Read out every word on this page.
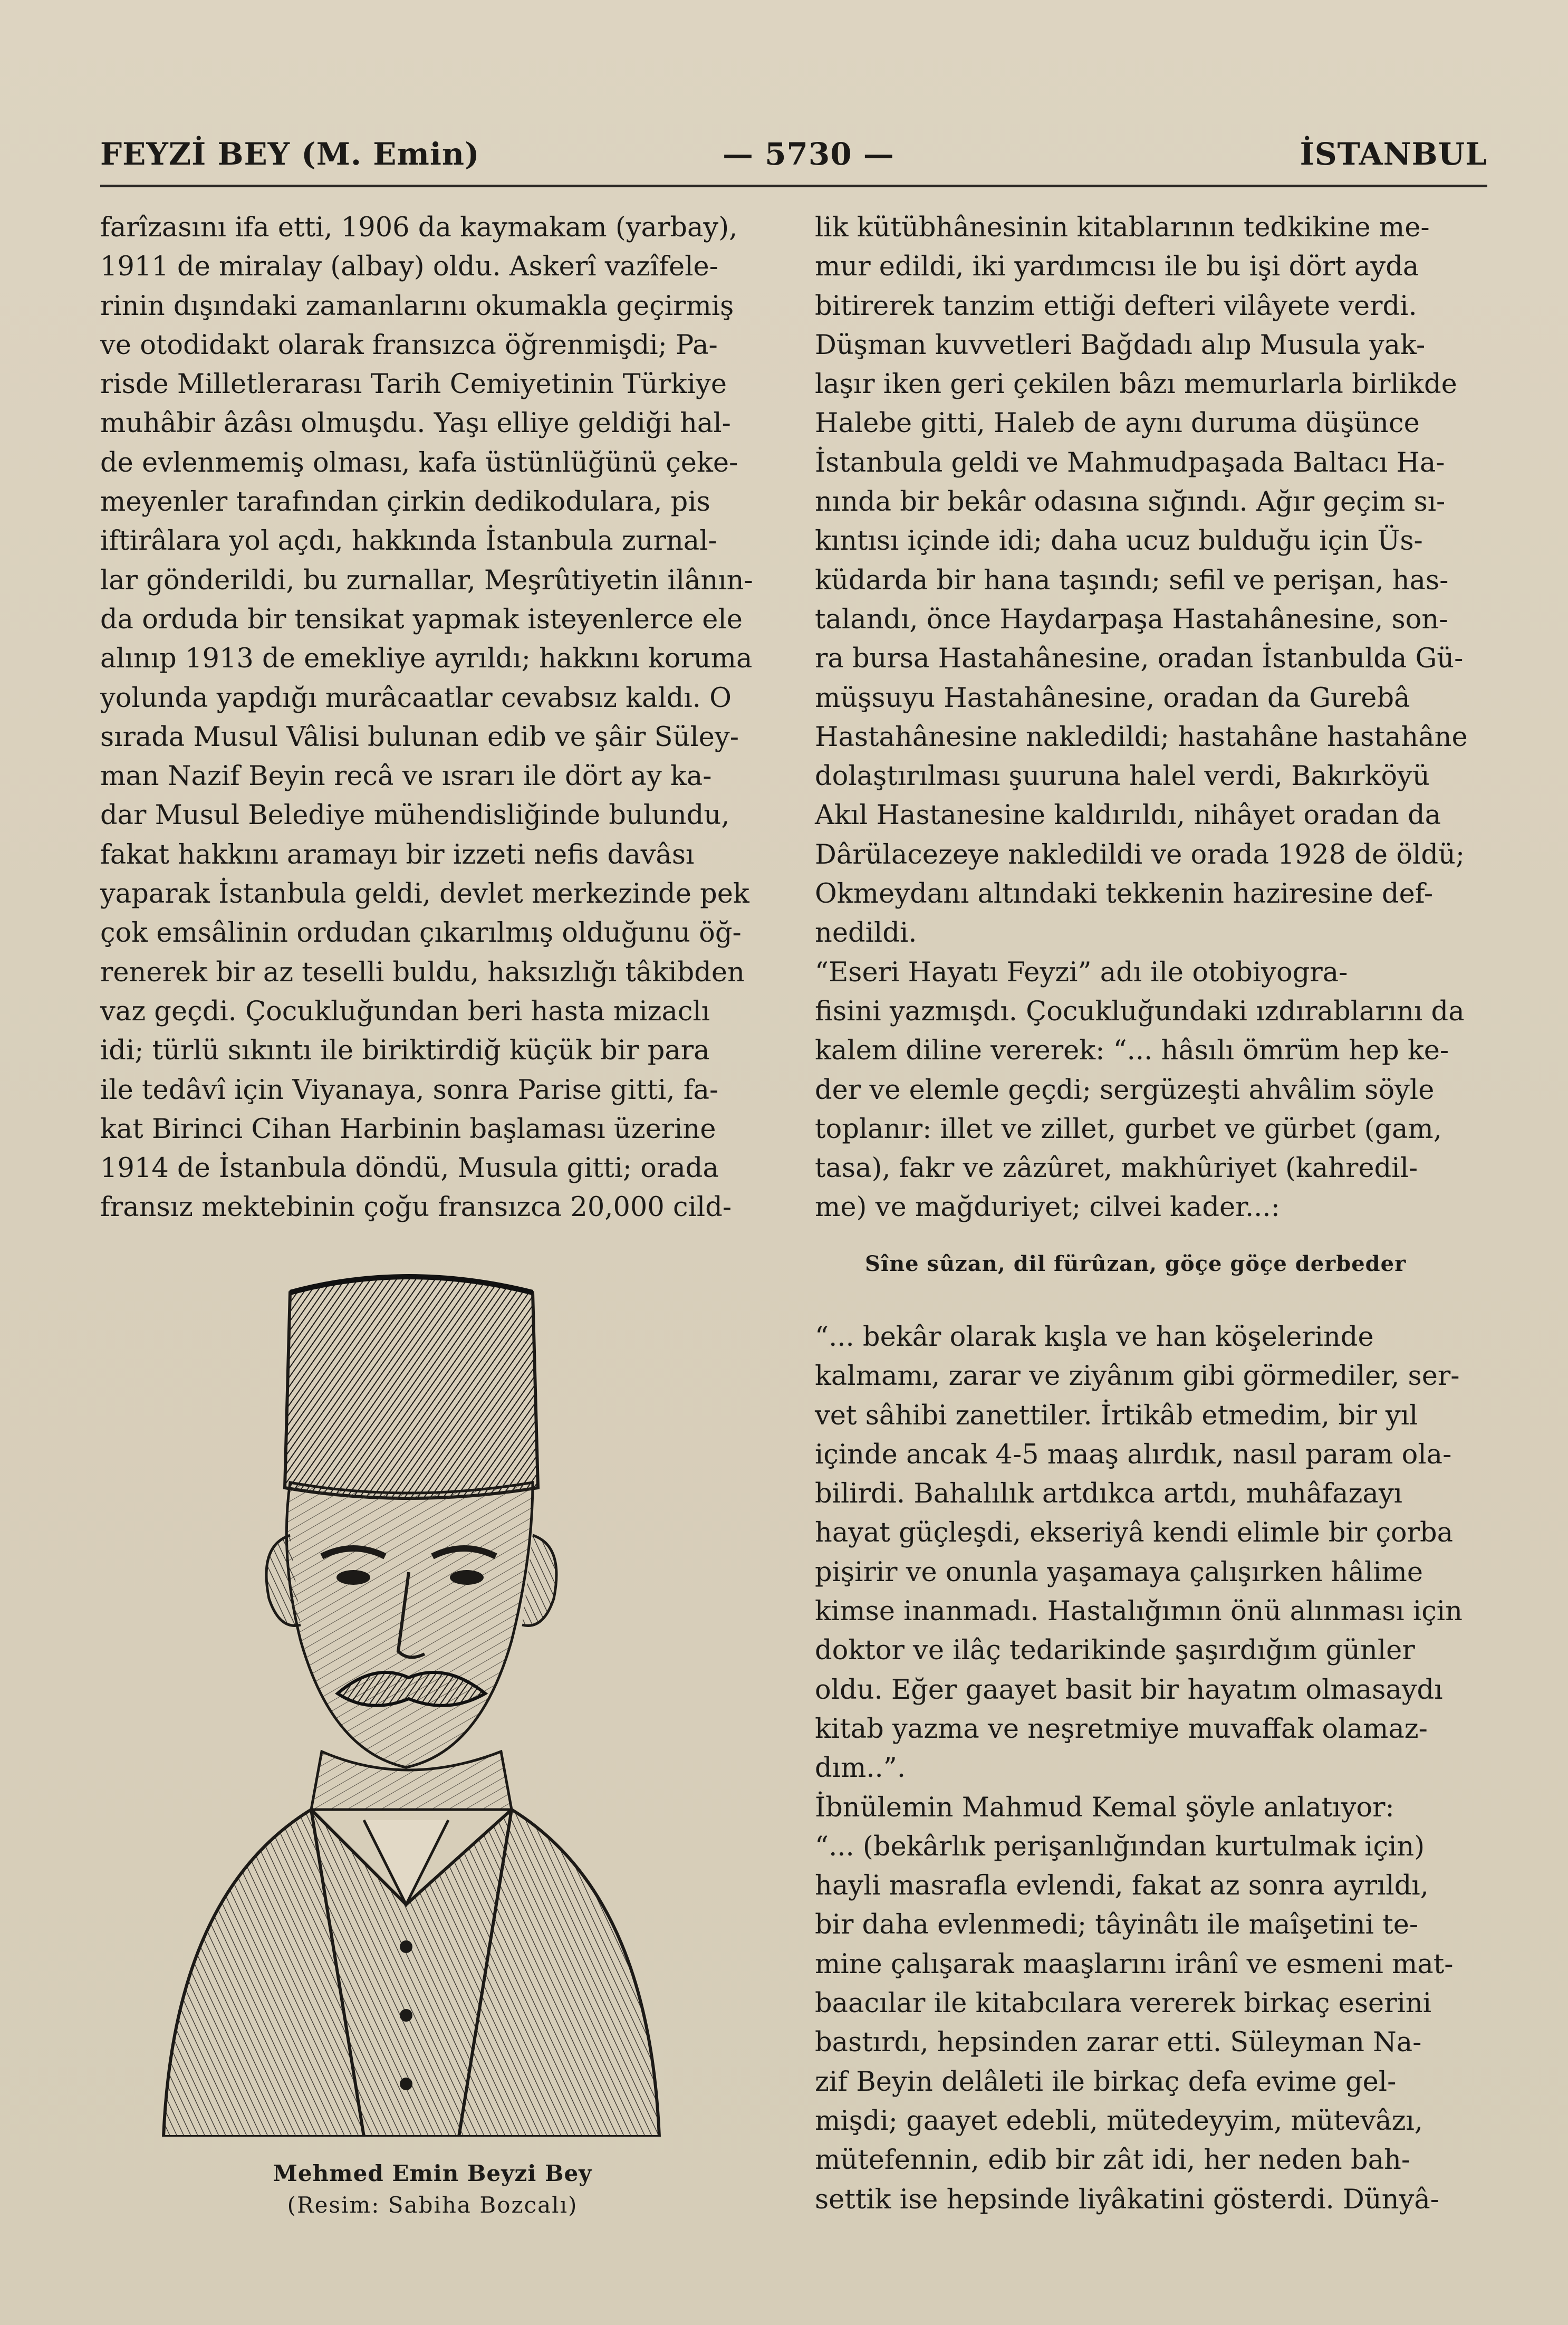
FEYZİ BEY (M. Emin)	— 5730 —	İSTANBUL
farîzasını ifa etti, 1906 da kaymakam (yarbay),
1911 de miralay (albay) oldu. Askerî vazîfele-
rinin dışındaki zamanlarını okumakla geçirmiş
ve otodidakt olarak fransızca öğrenmişdi; Pa-
risde Milletlerarası Tarih Cemiyetinin Türkiye
muhâbir âzâsı olmuşdu. Yaşı elliye geldiği hal-
de evlenmemiş olması, kafa üstünlüğünü çeke-
meyenler tarafından çirkin dedikodulara, pis
iftirâlara yol açdı, hakkında İstanbula zurnal-
lar gönderildi, bu zurnallar, Meşrûtiyetin ilânın-
da orduda bir tensikat yapmak isteyenlerce ele
alınıp 1913 de emekliye ayrıldı; hakkını koruma
yolunda yapdığı murâcaatlar cevabsız kaldı. O
sırada Musul Vâlisi bulunan edib ve şâir Süley-
man Nazif Beyin recâ ve ısrarı ile dört ay ka-
dar Musul Belediye mühendisliğinde bulundu,
fakat hakkını aramayı bir izzeti nefis davâsı
yaparak İstanbula geldi, devlet merkezinde pek
çok emsâlinin ordudan çıkarılmış olduğunu öğ-
renerek bir az teselli buldu, haksızlığı tâkibden
vaz geçdi. Çocukluğundan beri hasta mizaclı
idi; türlü sıkıntı ile biriktirdiğ küçük bir para
ile tedâvî için Viyanaya, sonra Parise gitti, fa-
kat Birinci Cihan Harbinin başlaması üzerine
1914 de İstanbula döndü, Musula gitti; orada
fransız mektebinin çoğu fransızca 20,000 cild-
lik kütübhânesinin kitablarının tedkikine me-
mur edildi, iki yardımcısı ile bu işi dört ayda
bitirerek tanzim ettiği defteri vilâyete verdi.
Düşman kuvvetleri Bağdadı alıp Musula yak-
laşır iken geri çekilen bâzı memurlarla birlikde
Halebe gitti, Haleb de aynı duruma düşünce
İstanbula geldi ve Mahmudpaşada Baltacı Ha-
nında bir bekâr odasına sığındı. Ağır geçim sı-
kıntısı içinde idi; daha ucuz bulduğu için Üs-
küdarda bir hana taşındı; sefil ve perişan, has-
talandı, önce Haydarpaşa Hastahânesine, son-
ra bursa Hastahânesine, oradan İstanbulda Gü-
müşsuyu Hastahânesine, oradan da Gurebâ
Hastahânesine nakledildi; hastahâne hastahâne
dolaştırılması şuuruna halel verdi, Bakırköyü
Akıl Hastanesine kaldırıldı, nihâyet oradan da
Dârülacezeye nakledildi ve orada 1928 de öldü;
Okmeydanı altındaki tekkenin haziresine def-
nedildi.
“Eseri Hayatı Feyzi” adı ile otobiyogra-
fisini yazmışdı. Çocukluğundaki ızdırablarını da
kalem diline vererek: “... hâsılı ömrüm hep ke-
der ve elemle geçdi; sergüzeşti ahvâlim söyle
toplanır: illet ve zillet, gurbet ve gürbet (gam,
tasa), fakr ve zâzûret, makhûriyet (kahredil-
me) ve mağduriyet; cilvei kader...:
Sîne sûzan, dil fürûzan, göçe göçe derbeder
“... bekâr olarak kışla ve han köşelerinde
kalmamı, zarar ve ziyânım gibi görmediler, ser-
vet sâhibi zanettiler. İrtikâb etmedim, bir yıl
içinde ancak 4-5 maaş alırdık, nasıl param ola-
bilirdi. Bahalılık artdıkca artdı, muhâfazayı
hayat güçleşdi, ekseriyâ kendi elimle bir çorba
pişirir ve onunla yaşamaya çalışırken hâlime
kimse inanmadı. Hastalığımın önü alınması için
doktor ve ilâç tedarikinde şaşırdığım günler
oldu. Eğer gaayet basit bir hayatım olmasaydı
kitab yazma ve neşretmiye muvaffak olamaz-
dım..”.
İbnülemin Mahmud Kemal şöyle anlatıyor:
“... (bekârlık perişanlığından kurtulmak için)
hayli masrafla evlendi, fakat az sonra ayrıldı,
bir daha evlenmedi; tâyinâtı ile maîşetini te-
mine çalışarak maaşlarını irânî ve esmeni mat-
baacılar ile kitabcılara vererek birkaç eserini
bastırdı, hepsinden zarar etti. Süleyman Na-
zif Beyin delâleti ile birkaç defa evime gel-
mişdi; gaayet edebli, mütedeyyim, mütevâzı,
mütefennin, edib bir zât idi, her neden bah-
settik ise hepsinde liyâkatini gösterdi. Dünyâ-
Mehmed Emin Beyzi Bey
(Resim: Sabiha Bozcalı)
